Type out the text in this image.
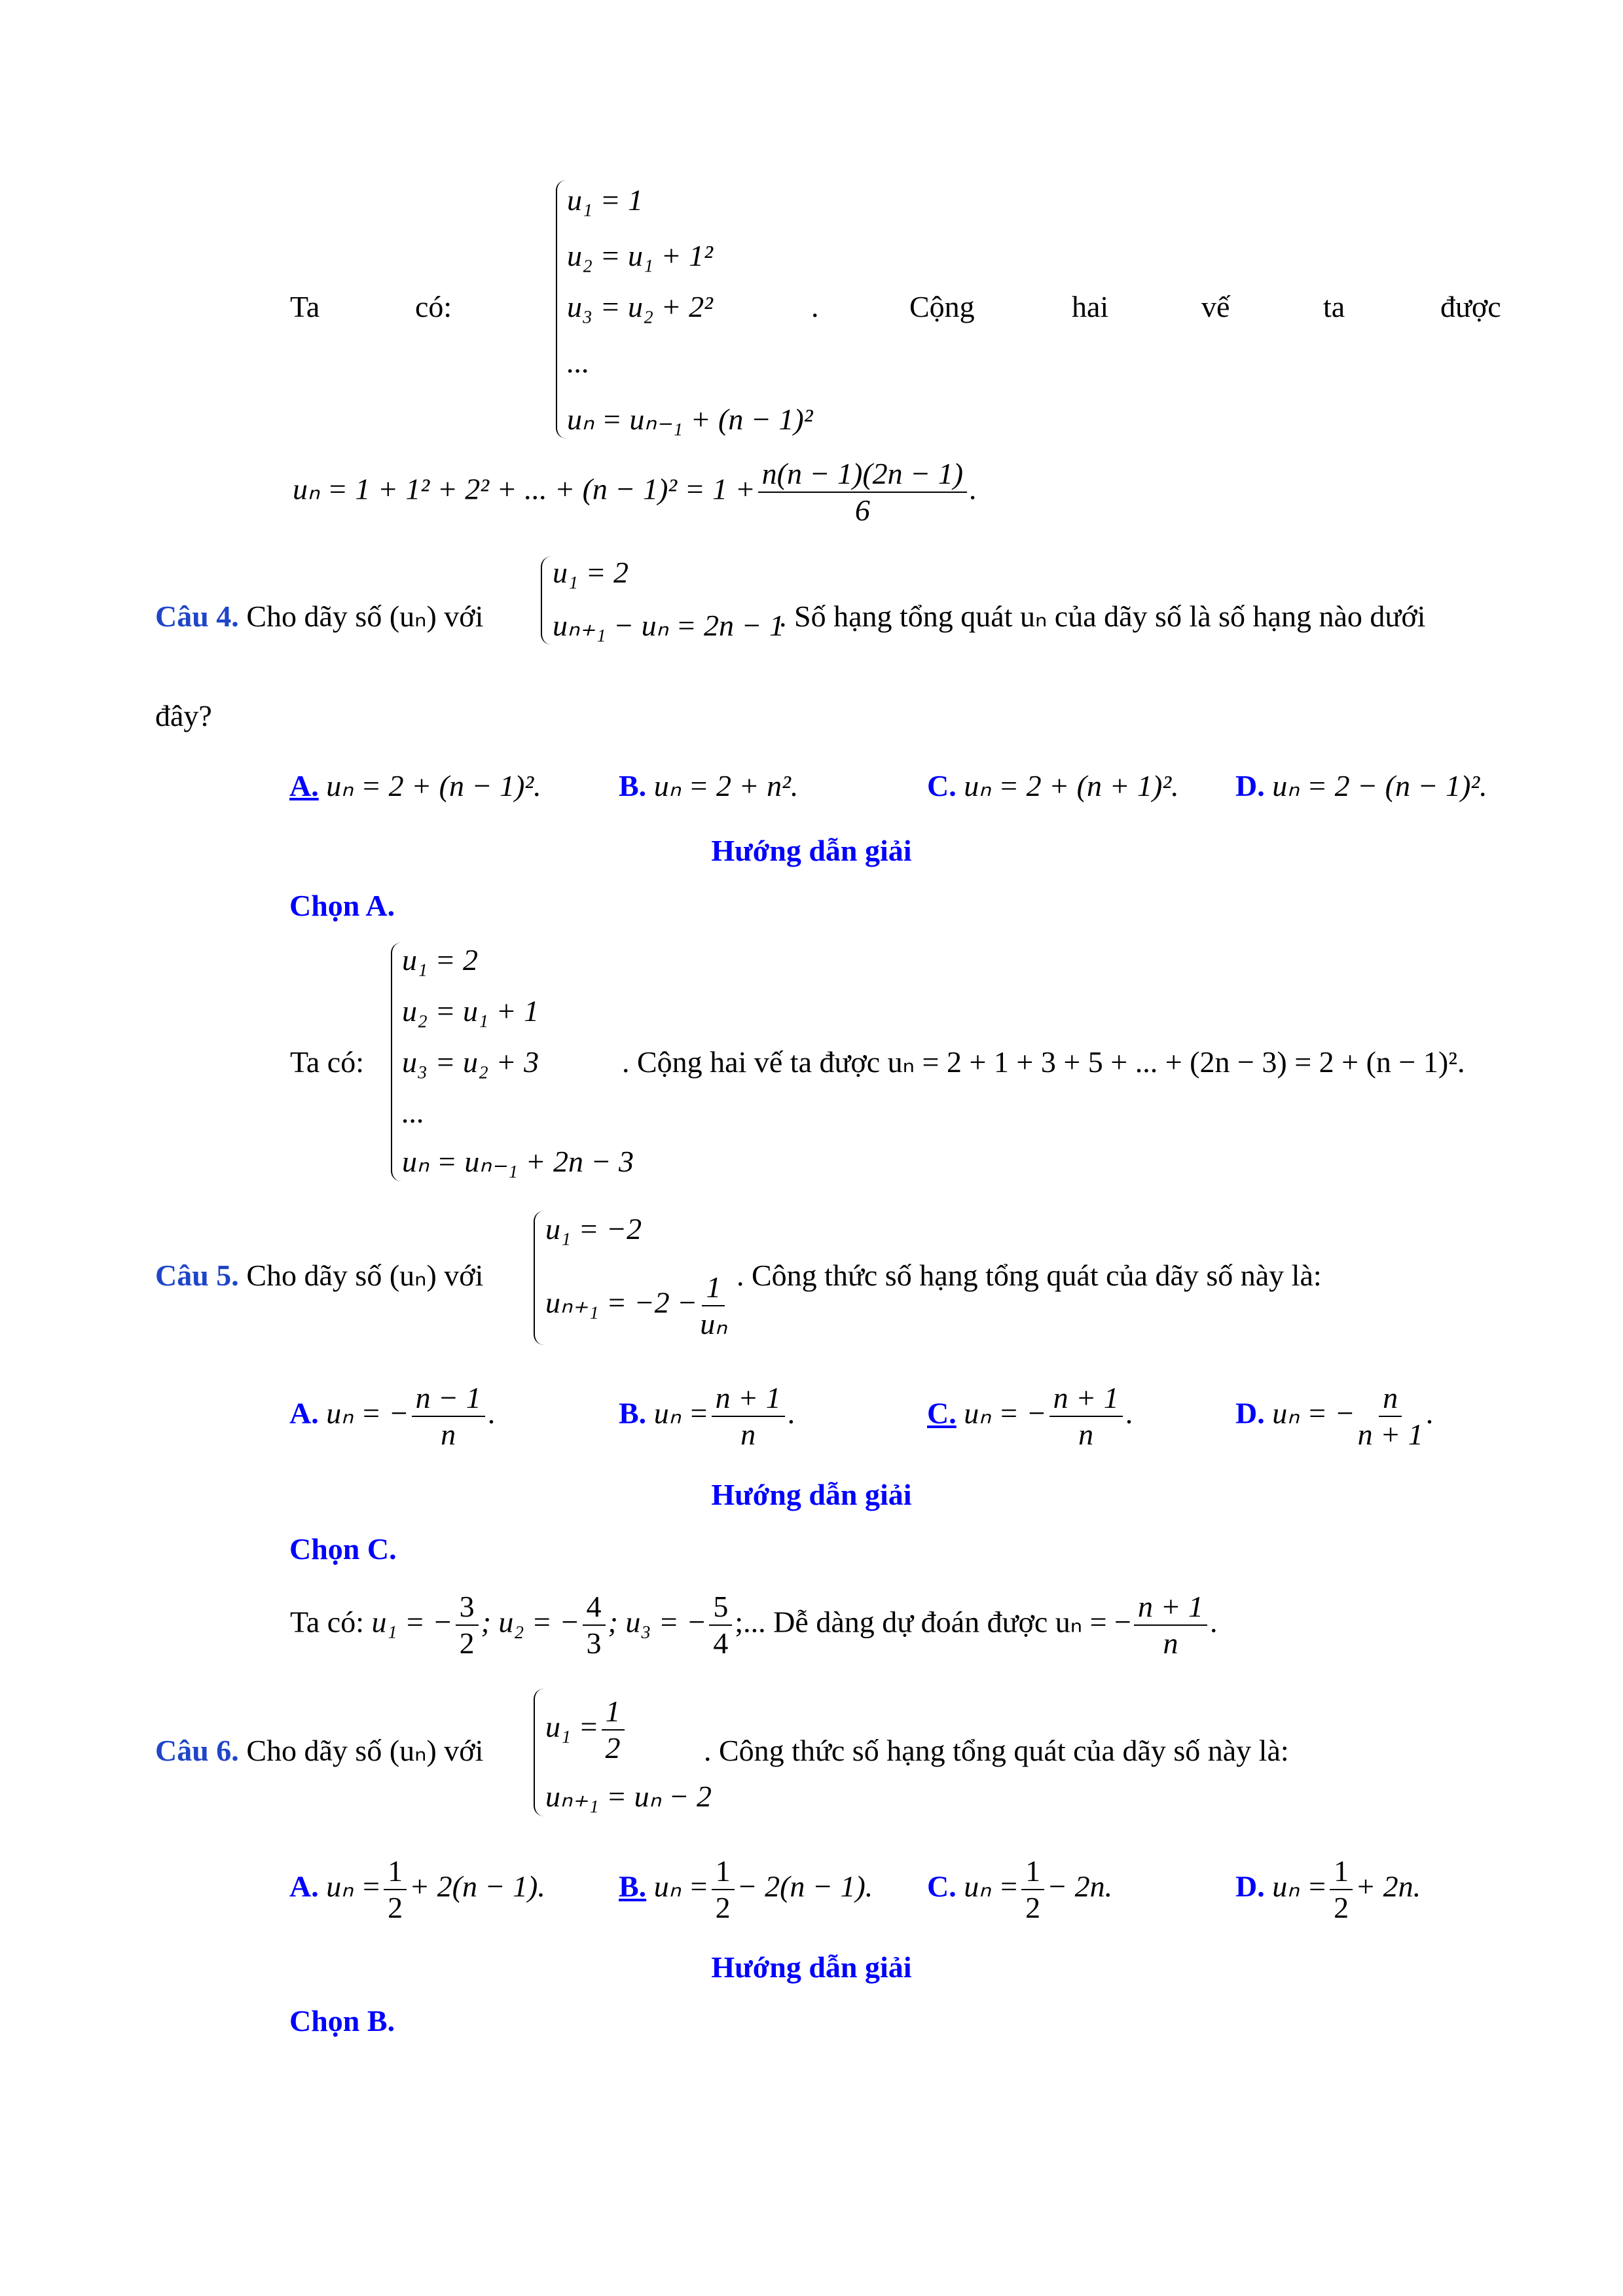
Ta	có:
u₁ = 1
u₂ = u₁ + 1²
u₃ = u₂ + 2²
...
uₙ = uₙ₋₁ + (n − 1)²
.	Cộng	hai	vế	ta	được
uₙ = 1 + 1² + 2² + ... + $(n - 1)^2 = 1 + \frac{n(n - 1)(2n - 1)}{6}$ .
Câu 4. Cho dãy số (uₙ) với
u₁ = 2
uₙ₊₁ − uₙ = 2n − 1
. Số hạng tổng quát uₙ của dãy số là số hạng nào dưới
đây?
A. uₙ = 2 + (n − 1)².	B. uₙ = 2 + n².	C. uₙ = 2 + (n + 1)². D. uₙ = 2 − (n − 1)².
Hướng dẫn giải
Chọn A.
Ta có:
u₁ = 2
u₂ = u₁ + 1
u₃ = u₂ + 3
...
uₙ = uₙ₋₁ + 2n − 3
. Cộng hai vế ta được uₙ = 2 + 1 + 3 + 5 + ... + (2n − 3) = 2 + (n − 1)².
Câu 5. Cho dãy số (uₙ) với
u₁ = −2
$u_{n+1} = -2 - \frac{1}{\text{uₙ}}$ . Công thức số hạng tổng quát của dãy số này là:
A. uₙ = − $\frac{n - 1}{n}$ .	B. $u_n = \frac{n + 1}{n}$ .	C. uₙ = − $\frac{n + 1}{n}$ .	D. uₙ = − $\frac{n}{n + 1}$ .
Hướng dẫn giải
Chọn C.
Ta có: u₁ = − $\frac{3}{2}$ ; u₂ = − $\frac{4}{3}$ ; u₃ = − $\frac{5}{4}$ ;... Dễ dàng dự đoán được uₙ = − $\frac{n + 1}{n}$ .
Câu 6. Cho dãy số (uₙ) với
$u_1 = \frac{1}{2}$
uₙ₊₁ = uₙ − 2
. Công thức số hạng tổng quát của dãy số này là:
A. $u_n = \frac{1}{2} + 2(n - 1)$. B. $u_n = \frac{1}{2} - 2(n - 1)$. C. $u_n = \frac{1}{2} - 2n$.	D. $u_n = \frac{1}{2} + 2n$.
Hướng dẫn giải
Chọn B.
